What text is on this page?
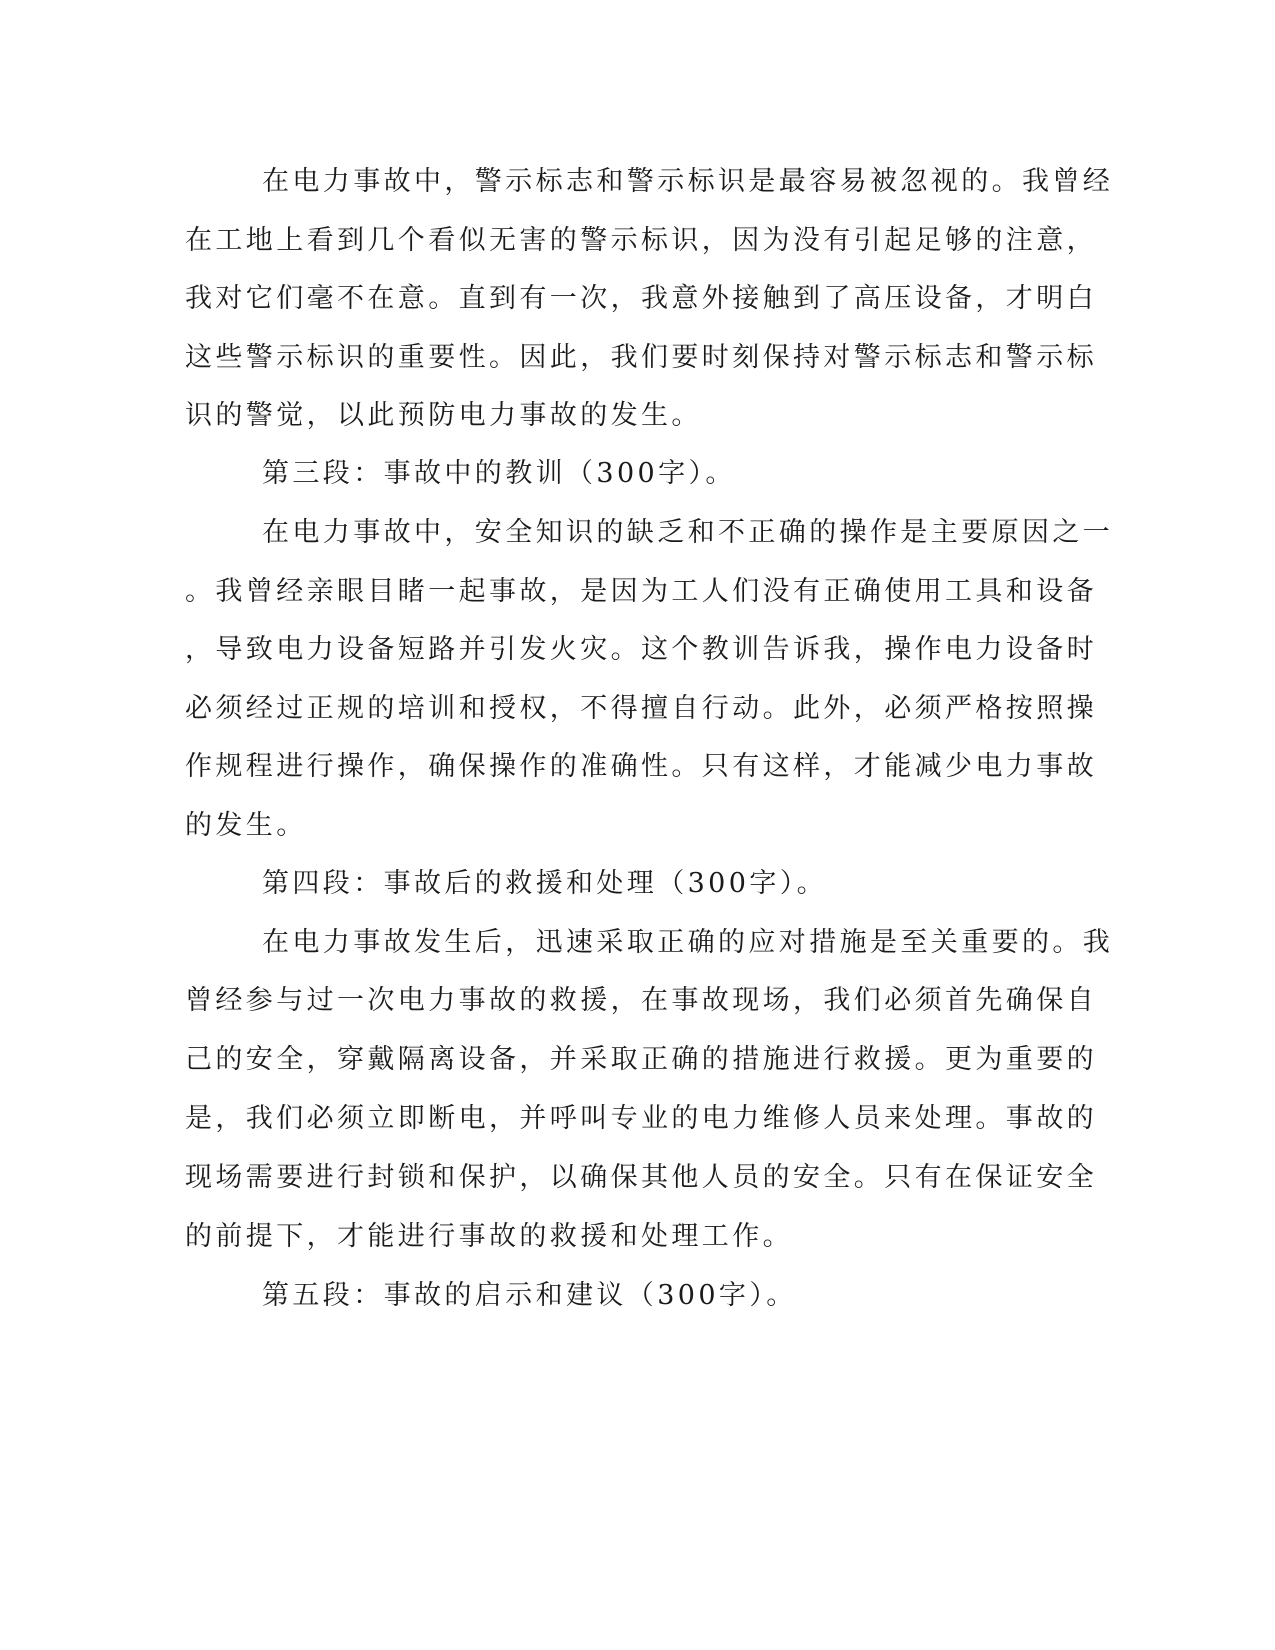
在电力事故中，警示标志和警示标识是最容易被忽视的。我曾经
在工地上看到几个看似无害的警示标识，因为没有引起足够的注意，
我对它们毫不在意。直到有一次，我意外接触到了高压设备，才明白
这些警示标识的重要性。因此，我们要时刻保持对警示标志和警示标
识的警觉，以此预防电力事故的发生。
第三段：事故中的教训（300字）。
在电力事故中，安全知识的缺乏和不正确的操作是主要原因之一
。我曾经亲眼目睹一起事故，是因为工人们没有正确使用工具和设备
，导致电力设备短路并引发火灾。这个教训告诉我，操作电力设备时
必须经过正规的培训和授权，不得擅自行动。此外，必须严格按照操
作规程进行操作，确保操作的准确性。只有这样，才能减少电力事故
的发生。
第四段：事故后的救援和处理（300字）。
在电力事故发生后，迅速采取正确的应对措施是至关重要的。我
曾经参与过一次电力事故的救援，在事故现场，我们必须首先确保自
己的安全，穿戴隔离设备，并采取正确的措施进行救援。更为重要的
是，我们必须立即断电，并呼叫专业的电力维修人员来处理。事故的
现场需要进行封锁和保护，以确保其他人员的安全。只有在保证安全
的前提下，才能进行事故的救援和处理工作。
第五段：事故的启示和建议（300字）。
